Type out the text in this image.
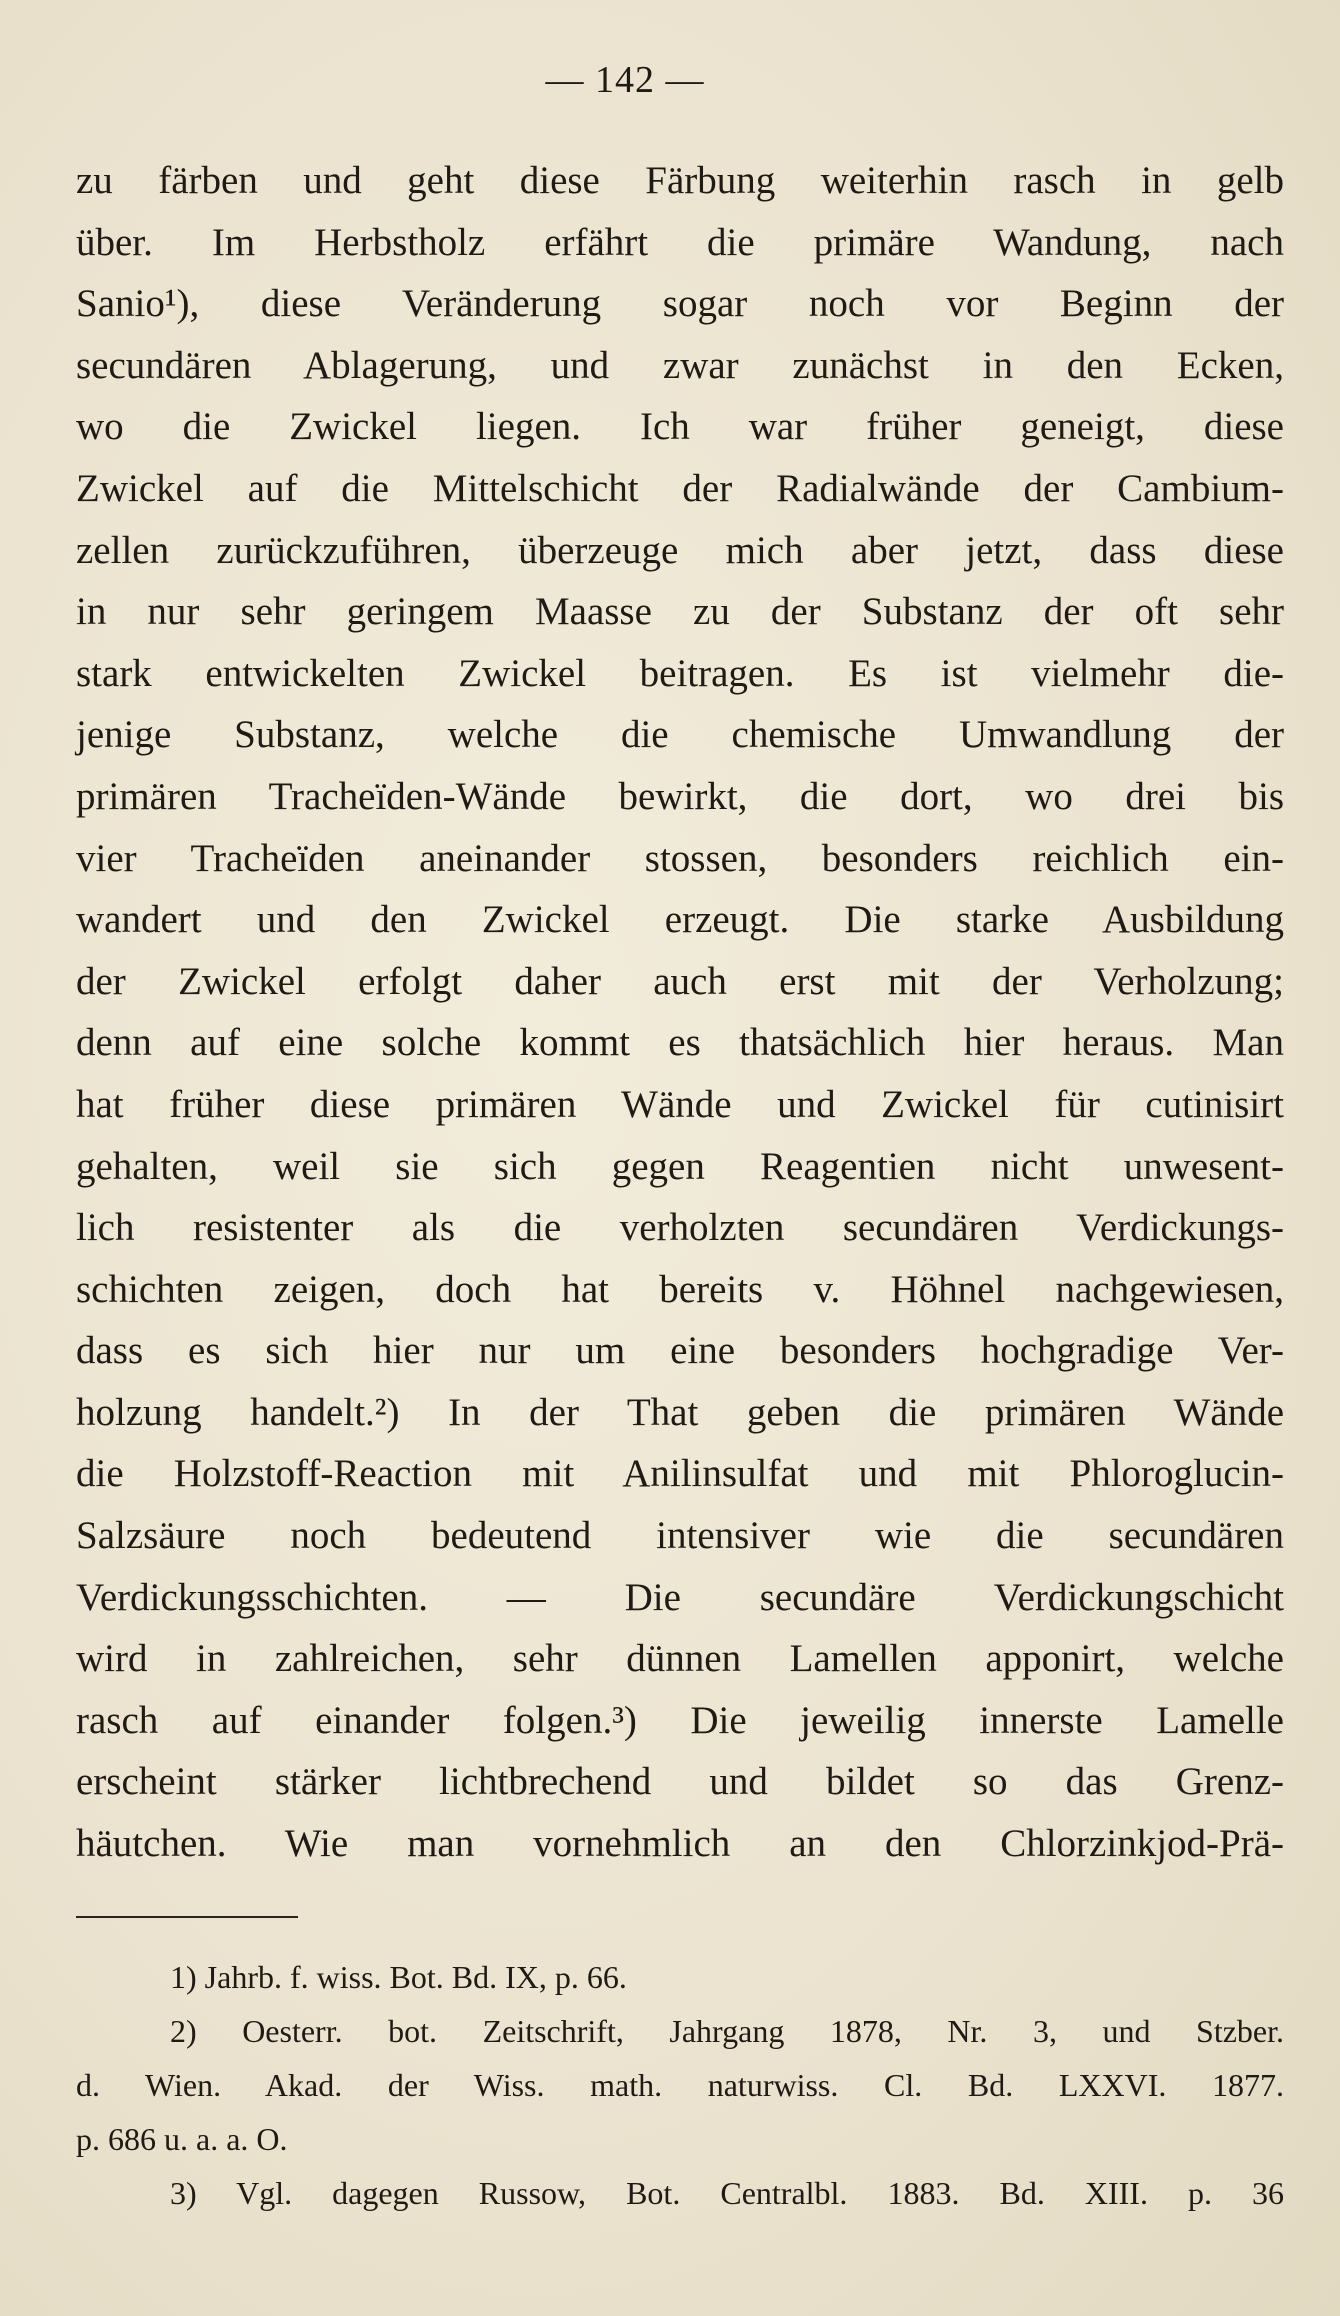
— 142 —
zu färben und geht diese Färbung weiterhin rasch in gelb
über. Im Herbstholz erfährt die primäre Wandung, nach
Sanio¹), diese Veränderung sogar noch vor Beginn der
secundären Ablagerung, und zwar zunächst in den Ecken,
wo die Zwickel liegen. Ich war früher geneigt, diese
Zwickel auf die Mittelschicht der Radialwände der Cambium-
zellen zurückzuführen, überzeuge mich aber jetzt, dass diese
in nur sehr geringem Maasse zu der Substanz der oft sehr
stark entwickelten Zwickel beitragen. Es ist vielmehr die-
jenige Substanz, welche die chemische Umwandlung der
primären Tracheïden-Wände bewirkt, die dort, wo drei bis
vier Tracheïden aneinander stossen, besonders reichlich ein-
wandert und den Zwickel erzeugt. Die starke Ausbildung
der Zwickel erfolgt daher auch erst mit der Verholzung;
denn auf eine solche kommt es thatsächlich hier heraus. Man
hat früher diese primären Wände und Zwickel für cutinisirt
gehalten, weil sie sich gegen Reagentien nicht unwesent-
lich resistenter als die verholzten secundären Verdickungs-
schichten zeigen, doch hat bereits v. Höhnel nachgewiesen,
dass es sich hier nur um eine besonders hochgradige Ver-
holzung handelt.²) In der That geben die primären Wände
die Holzstoff-Reaction mit Anilinsulfat und mit Phloroglucin-
Salzsäure noch bedeutend intensiver wie die secundären
Verdickungsschichten. — Die secundäre Verdickungschicht
wird in zahlreichen, sehr dünnen Lamellen apponirt, welche
rasch auf einander folgen.³) Die jeweilig innerste Lamelle
erscheint stärker lichtbrechend und bildet so das Grenz-
häutchen. Wie man vornehmlich an den Chlorzinkjod-Prä-
1) Jahrb. f. wiss. Bot. Bd. IX, p. 66.
2) Oesterr. bot. Zeitschrift, Jahrgang 1878, Nr. 3, und Stzber.
d. Wien. Akad. der Wiss. math. naturwiss. Cl. Bd. LXXVI. 1877.
p. 686 u. a. a. O.
3) Vgl. dagegen Russow, Bot. Centralbl. 1883. Bd. XIII. p. 36
